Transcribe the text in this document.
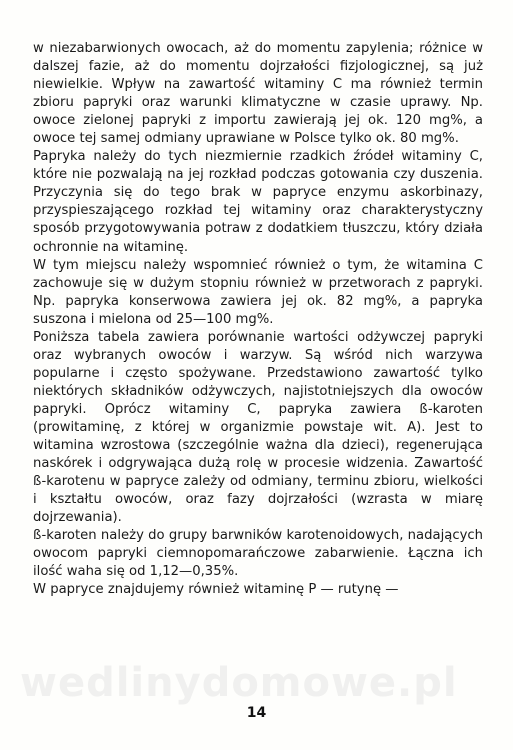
w niezabarwionych owocach, aż do momentu zapylenia; różnice w dalszej fazie, aż do momentu dojrzałości fizjologicznej, są już niewielkie. Wpływ na zawartość witaminy C ma również termin zbioru papryki oraz warunki klimatyczne w czasie uprawy. Np. owoce zielonej papryki z importu zawierają jej ok. 120 mg%, a owoce tej samej odmiany uprawiane w Polsce tylko ok. 80 mg%.

Papryka należy do tych niezmiernie rzadkich źródeł witaminy C, które nie pozwalają na jej rozkład podczas gotowania czy duszenia. Przyczynia się do tego brak w papryce enzymu askorbinazy, przyspieszającego rozkład tej witaminy oraz charakterystyczny sposób przygotowywania potraw z dodatkiem tłuszczu, który działa ochronnie na witaminę.

W tym miejscu należy wspomnieć również o tym, że witamina C zachowuje się w dużym stopniu również w przetworach z papryki. Np. papryka konserwowa zawiera jej ok. 82 mg%, a papryka suszona i mielona od 25—100 mg%.

Poniższa tabela zawiera porównanie wartości odżywczej papryki oraz wybranych owoców i warzyw. Są wśród nich warzywa popularne i często spożywane. Przedstawiono zawartość tylko niektórych składników odżywczych, najistotniejszych dla owoców papryki. Oprócz witaminy C, papryka zawiera ß-karoten (prowitaminę, z której w organizmie powstaje wit. A). Jest to witamina wzrostowa (szczególnie ważna dla dzieci), regenerująca naskórek i odgrywająca dużą rolę w procesie widzenia. Zawartość ß-karotenu w papryce zależy od odmiany, terminu zbioru, wielkości i kształtu owoców, oraz fazy dojrzałości (wzrasta w miarę dojrzewania).

ß-karoten należy do grupy barwników karotenoidowych, nadających owocom papryki ciemnopomarańczowe zabarwienie. Łączna ich ilość waha się od 1,12—0,35%.

W papryce znajdujemy również witaminę P — rutynę —

wedlinydomowe.pl
14
